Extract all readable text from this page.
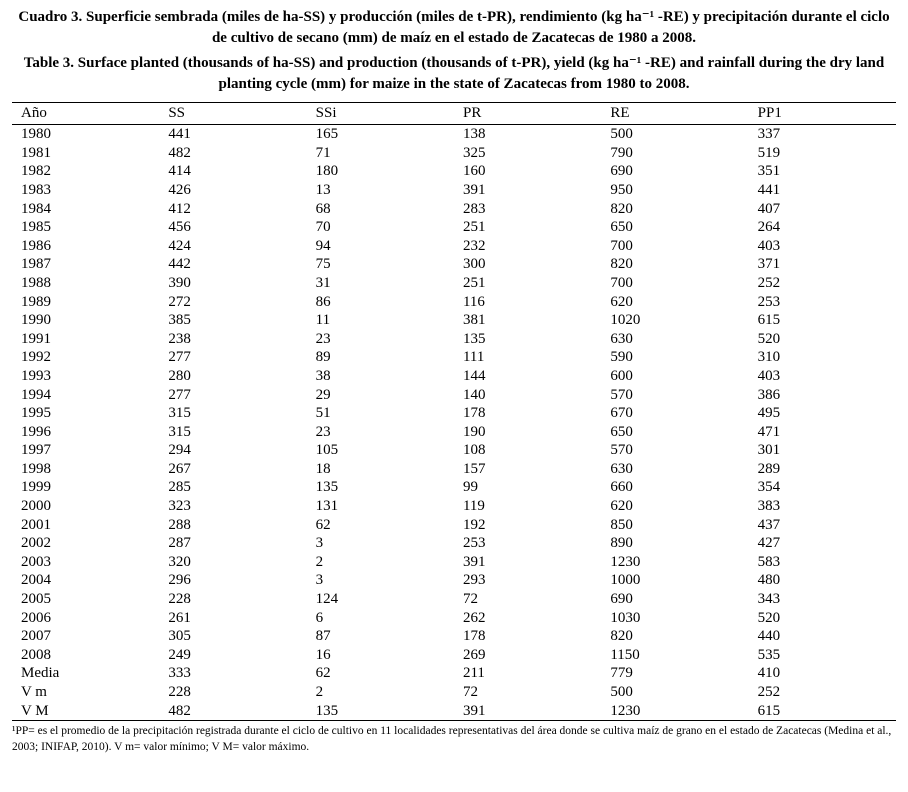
Cuadro 3. Superficie sembrada (miles de ha-SS) y producción (miles de t-PR), rendimiento (kg ha⁻¹ -RE) y precipitación durante el ciclo de cultivo de secano (mm) de maíz en el estado de Zacatecas de 1980 a 2008.
Table 3. Surface planted (thousands of ha-SS) and production (thousands of t-PR), yield (kg ha⁻¹ -RE) and rainfall during the dry land planting cycle (mm) for maize in the state of Zacatecas from 1980 to 2008.
Año	SS	SSi	PR	RE	PP1
1980	441	165	138	500	337
1981	482	71	325	790	519
1982	414	180	160	690	351
1983	426	13	391	950	441
1984	412	68	283	820	407
1985	456	70	251	650	264
1986	424	94	232	700	403
1987	442	75	300	820	371
1988	390	31	251	700	252
1989	272	86	116	620	253
1990	385	11	381	1020	615
1991	238	23	135	630	520
1992	277	89	111	590	310
1993	280	38	144	600	403
1994	277	29	140	570	386
1995	315	51	178	670	495
1996	315	23	190	650	471
1997	294	105	108	570	301
1998	267	18	157	630	289
1999	285	135	99	660	354
2000	323	131	119	620	383
2001	288	62	192	850	437
2002	287	3	253	890	427
2003	320	2	391	1230	583
2004	296	3	293	1000	480
2005	228	124	72	690	343
2006	261	6	262	1030	520
2007	305	87	178	820	440
2008	249	16	269	1150	535
Media	333	62	211	779	410
V m	228	2	72	500	252
V M	482	135	391	1230	615
¹PP= es el promedio de la precipitación registrada durante el ciclo de cultivo en 11 localidades representativas del área donde se cultiva maíz de grano en el estado de Zacatecas (Medina et al., 2003; INIFAP, 2010). V m= valor mínimo; V M= valor máximo.
